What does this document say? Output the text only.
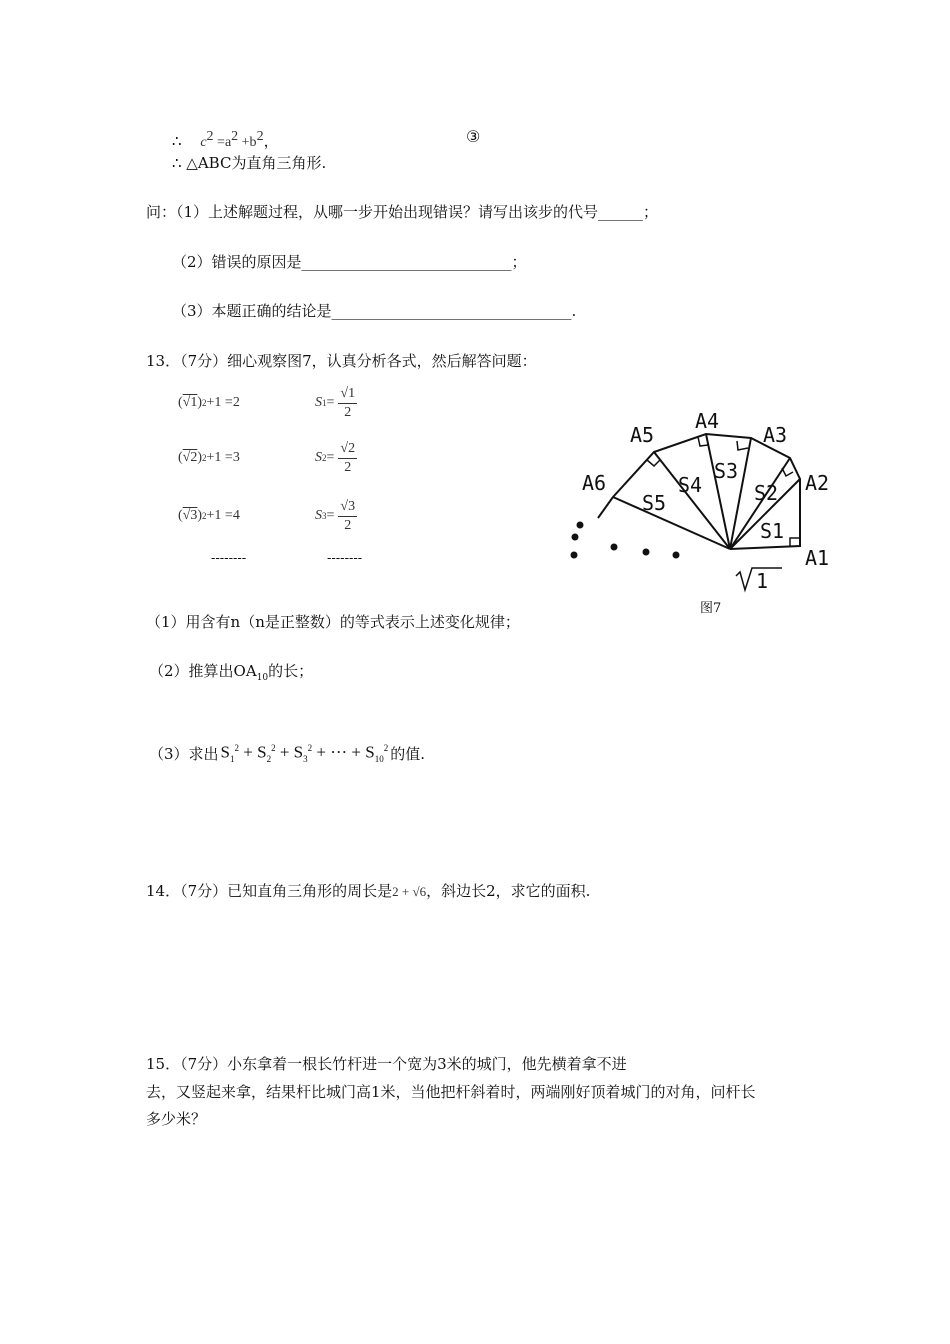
∴ $c^2 =a^2 +b^2$，	③
∴ △ABC为直角三角形.
问：（1）上述解题过程，从哪一步开始出现错误？请写出该步的代号______；
（2）错误的原因是____________________________；
（3）本题正确的结论是________________________________.
13．（7分）细心观察图7，认真分析各式，然后解答问题：
( √1 ) 2 +1 =2	S $1 = \frac{√1}{2}$
( √2 ) 2 +1 =3	S $2 = \frac{√2}{2}$
( √3 ) 2 +1 =4	S $3 = \frac{√3}{2}$
--------	--------
A6
A5
A4
A3
A2
A1
S5
S4
S3
S2
S1
1
图7
（1）用含有n（n是正整数）的等式表示上述变化规律；
（2）推算出$OA_{10}$的长；
（3）求出 $S_1^2 + S_2^2 + S_3^2$ + ··· + $S_{10}^2$ 的值.
14．（7分）已知直角三角形的周长是2 + √6，斜边长2，求它的面积.
15．（7分）小东拿着一根长竹杆进一个宽为3米的城门，他先横着拿不进
去，又竖起来拿，结果杆比城门高1米，当他把杆斜着时，两端刚好顶着城门的对角，问杆长
多少米？
